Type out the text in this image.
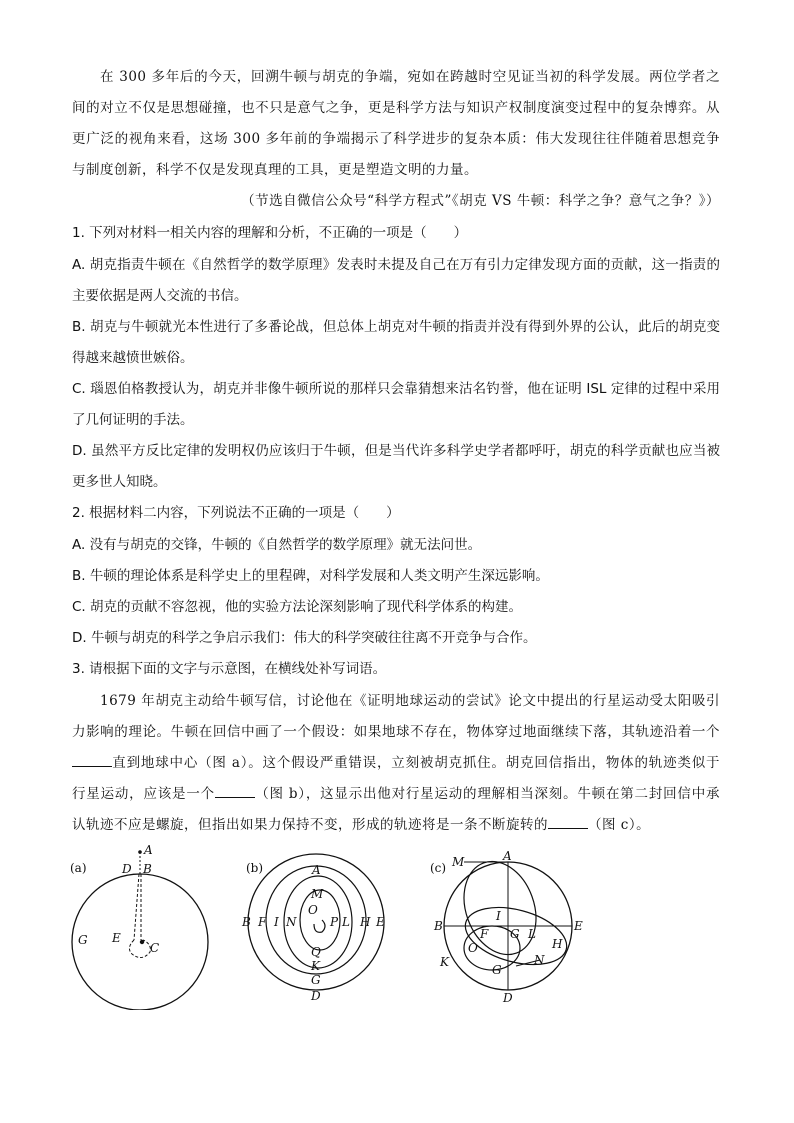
在 300 多年后的今天，回溯牛顿与胡克的争端，宛如在跨越时空见证当初的科学发展。两位学者之间的对立不仅是思想碰撞，也不只是意气之争，更是科学方法与知识产权制度演变过程中的复杂博弈。从更广泛的视角来看，这场 300 多年前的争端揭示了科学进步的复杂本质：伟大发现往往伴随着思想竞争与制度创新，科学不仅是发现真理的工具，更是塑造文明的力量。
（节选自微信公众号“科学方程式”《胡克 VS 牛顿：科学之争？意气之争？》）
1. 下列对材料一相关内容的理解和分析，不正确的一项是（　　）
A. 胡克指责牛顿在《自然哲学的数学原理》发表时未提及自己在万有引力定律发现方面的贡献，这一指责的主要依据是两人交流的书信。
B. 胡克与牛顿就光本性进行了多番论战，但总体上胡克对牛顿的指责并没有得到外界的公认，此后的胡克变得越来越愤世嫉俗。
C. 瑙恩伯格教授认为，胡克并非像牛顿所说的那样只会靠猜想来沽名钓誉，他在证明 ISL 定律的过程中采用了几何证明的手法。
D. 虽然平方反比定律的发明权仍应该归于牛顿，但是当代许多科学史学者都呼吁，胡克的科学贡献也应当被更多世人知晓。
2. 根据材料二内容，下列说法不正确的一项是（　　）
A. 没有与胡克的交锋，牛顿的《自然哲学的数学原理》就无法问世。
B. 牛顿的理论体系是科学史上的里程碑，对科学发展和人类文明产生深远影响。
C. 胡克的贡献不容忽视，他的实验方法论深刻影响了现代科学体系的构建。
D. 牛顿与胡克的科学之争启示我们：伟大的科学突破往往离不开竞争与合作。
3. 请根据下面的文字与示意图，在横线处补写词语。
1679 年胡克主动给牛顿写信，讨论他在《证明地球运动的尝试》论文中提出的行星运动受太阳吸引力影响的理论。牛顿在回信中画了一个假设：如果地球不存在，物体穿过地面继续下落，其轨迹沿着一个直到地球中心（图 a）。这个假设严重错误，立刻被胡克抓住。胡克回信指出，物体的轨迹类似于行星运动，应该是一个	（图 b），这显示出他对行星运动的理解相当深刻。牛顿在第二封回信中承认轨迹不应是螺旋，但指出如果力保持不变，形成的轨迹将是一条不断旋转的	（图 c）。
(a)
A
D B
G E
C
(b)	A
M
B F I N
O
P L H E
Q
K
G
D
(c) M	A
I
B
F G L
E
H
O
K
G
N
D
